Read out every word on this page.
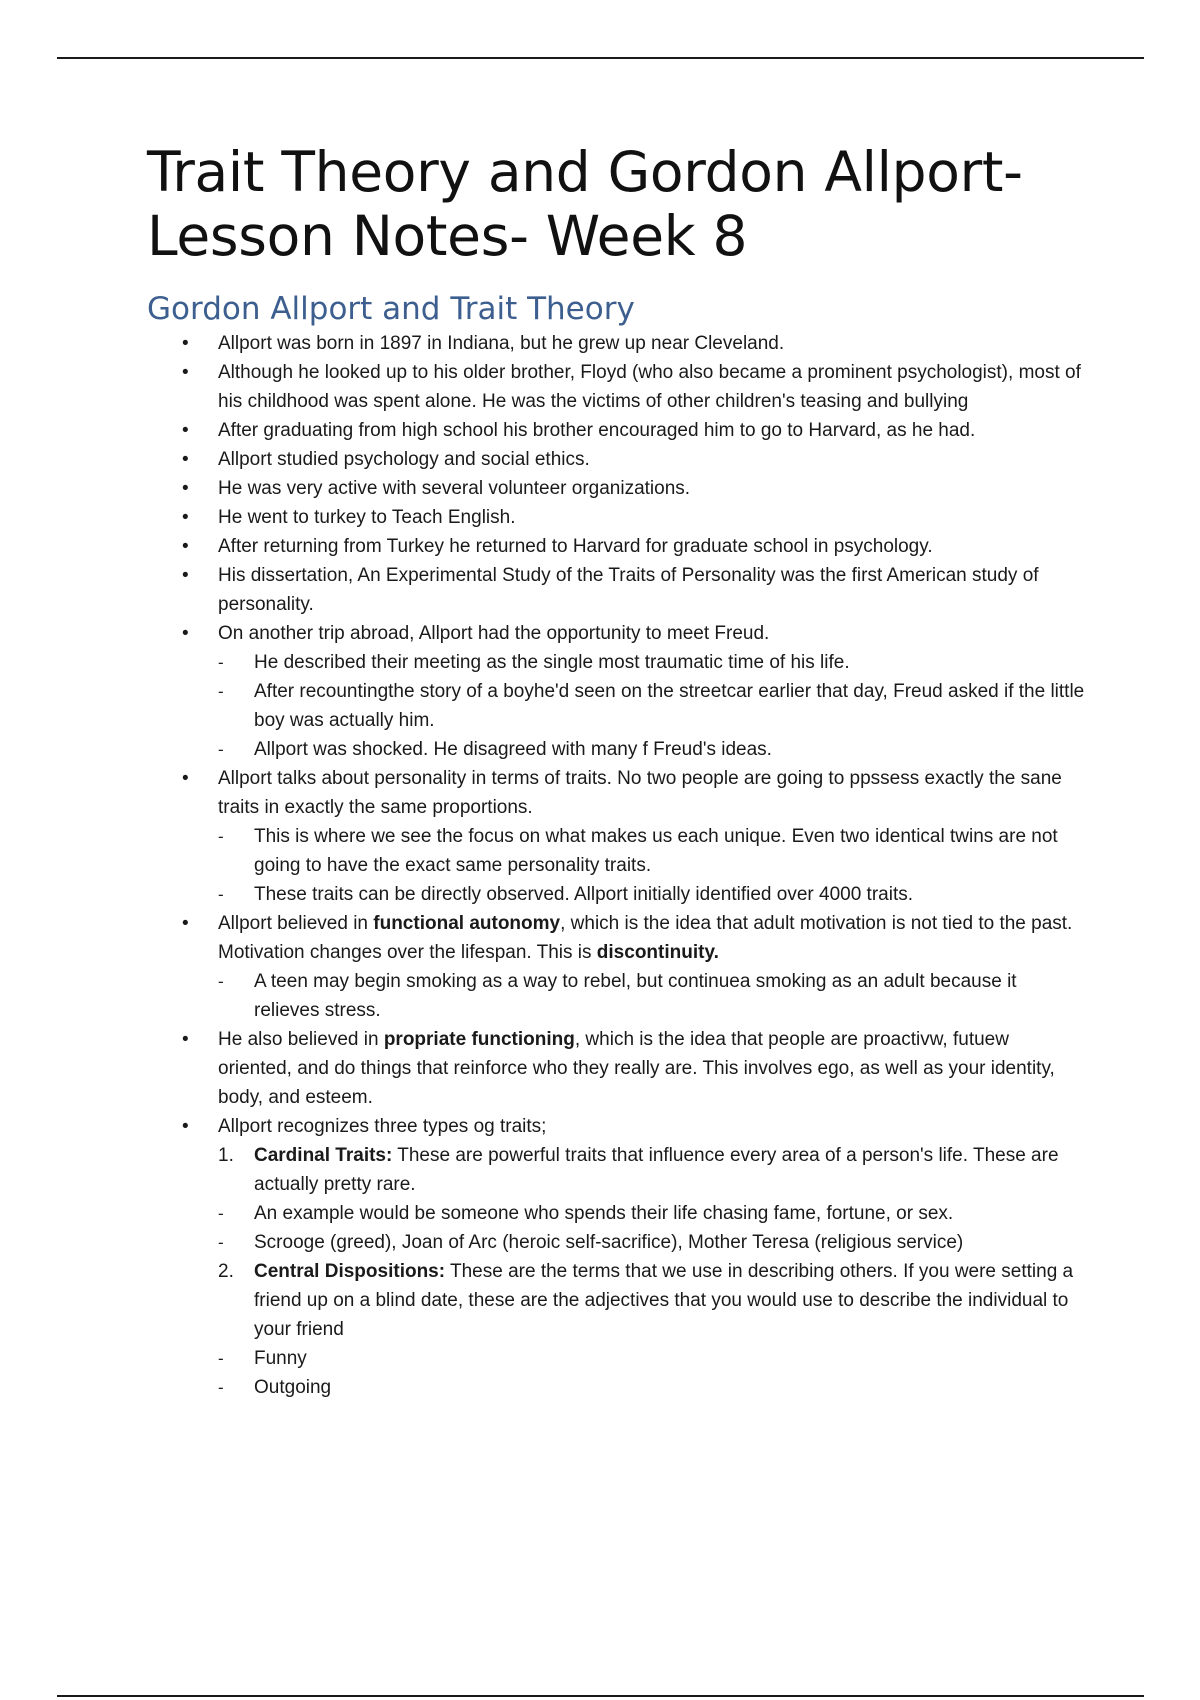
Trait Theory and Gordon Allport-
Lesson Notes- Week 8
Gordon Allport and Trait Theory
•	Allport was born in 1897 in Indiana, but he grew up near Cleveland.
•	Although he looked up to his older brother, Floyd (who also became a prominent psychologist), most of his childhood was spent alone. He was the victims of other children's teasing and bullying
•	After graduating from high school his brother encouraged him to go to Harvard, as he had.
•	Allport studied psychology and social ethics.
•	He was very active with several volunteer organizations.
•	He went to turkey to Teach English.
•	After returning from Turkey he returned to Harvard for graduate school in psychology.
•	His dissertation, An Experimental Study of the Traits of Personality was the first American study of personality.
•	On another trip abroad, Allport had the opportunity to meet Freud.
- He described their meeting as the single most traumatic time of his life.
- After recountingthe story of a boyhe'd seen on the streetcar earlier that day, Freud asked if the little boy was actually him.
- Allport was shocked. He disagreed with many f Freud's ideas.
•	Allport talks about personality in terms of traits. No two people are going to ppssess exactly the sane traits in exactly the same proportions.
- This is where we see the focus on what makes us each unique. Even two identical twins are not going to have the exact same personality traits.
- These traits can be directly observed. Allport initially identified over 4000 traits.
•	Allport believed in functional autonomy, which is the idea that adult motivation is not tied to the past. Motivation changes over the lifespan. This is discontinuity.
- A teen may begin smoking as a way to rebel, but continuea smoking as an adult because it relieves stress.
•	He also believed in propriate functioning, which is the idea that people are proactivw, futuew oriented, and do things that reinforce who they really are. This involves ego, as well as your identity, body, and esteem.
•	Allport recognizes three types og traits;
1. Cardinal Traits: These are powerful traits that influence every area of a person's life. These are actually pretty rare.
- An example would be someone who spends their life chasing fame, fortune, or sex.
- Scrooge (greed), Joan of Arc (heroic self-sacrifice), Mother Teresa (religious service)
2. Central Dispositions: These are the terms that we use in describing others. If you were setting a friend up on a blind date, these are the adjectives that you would use to describe the individual to your friend
- Funny
- Outgoing
